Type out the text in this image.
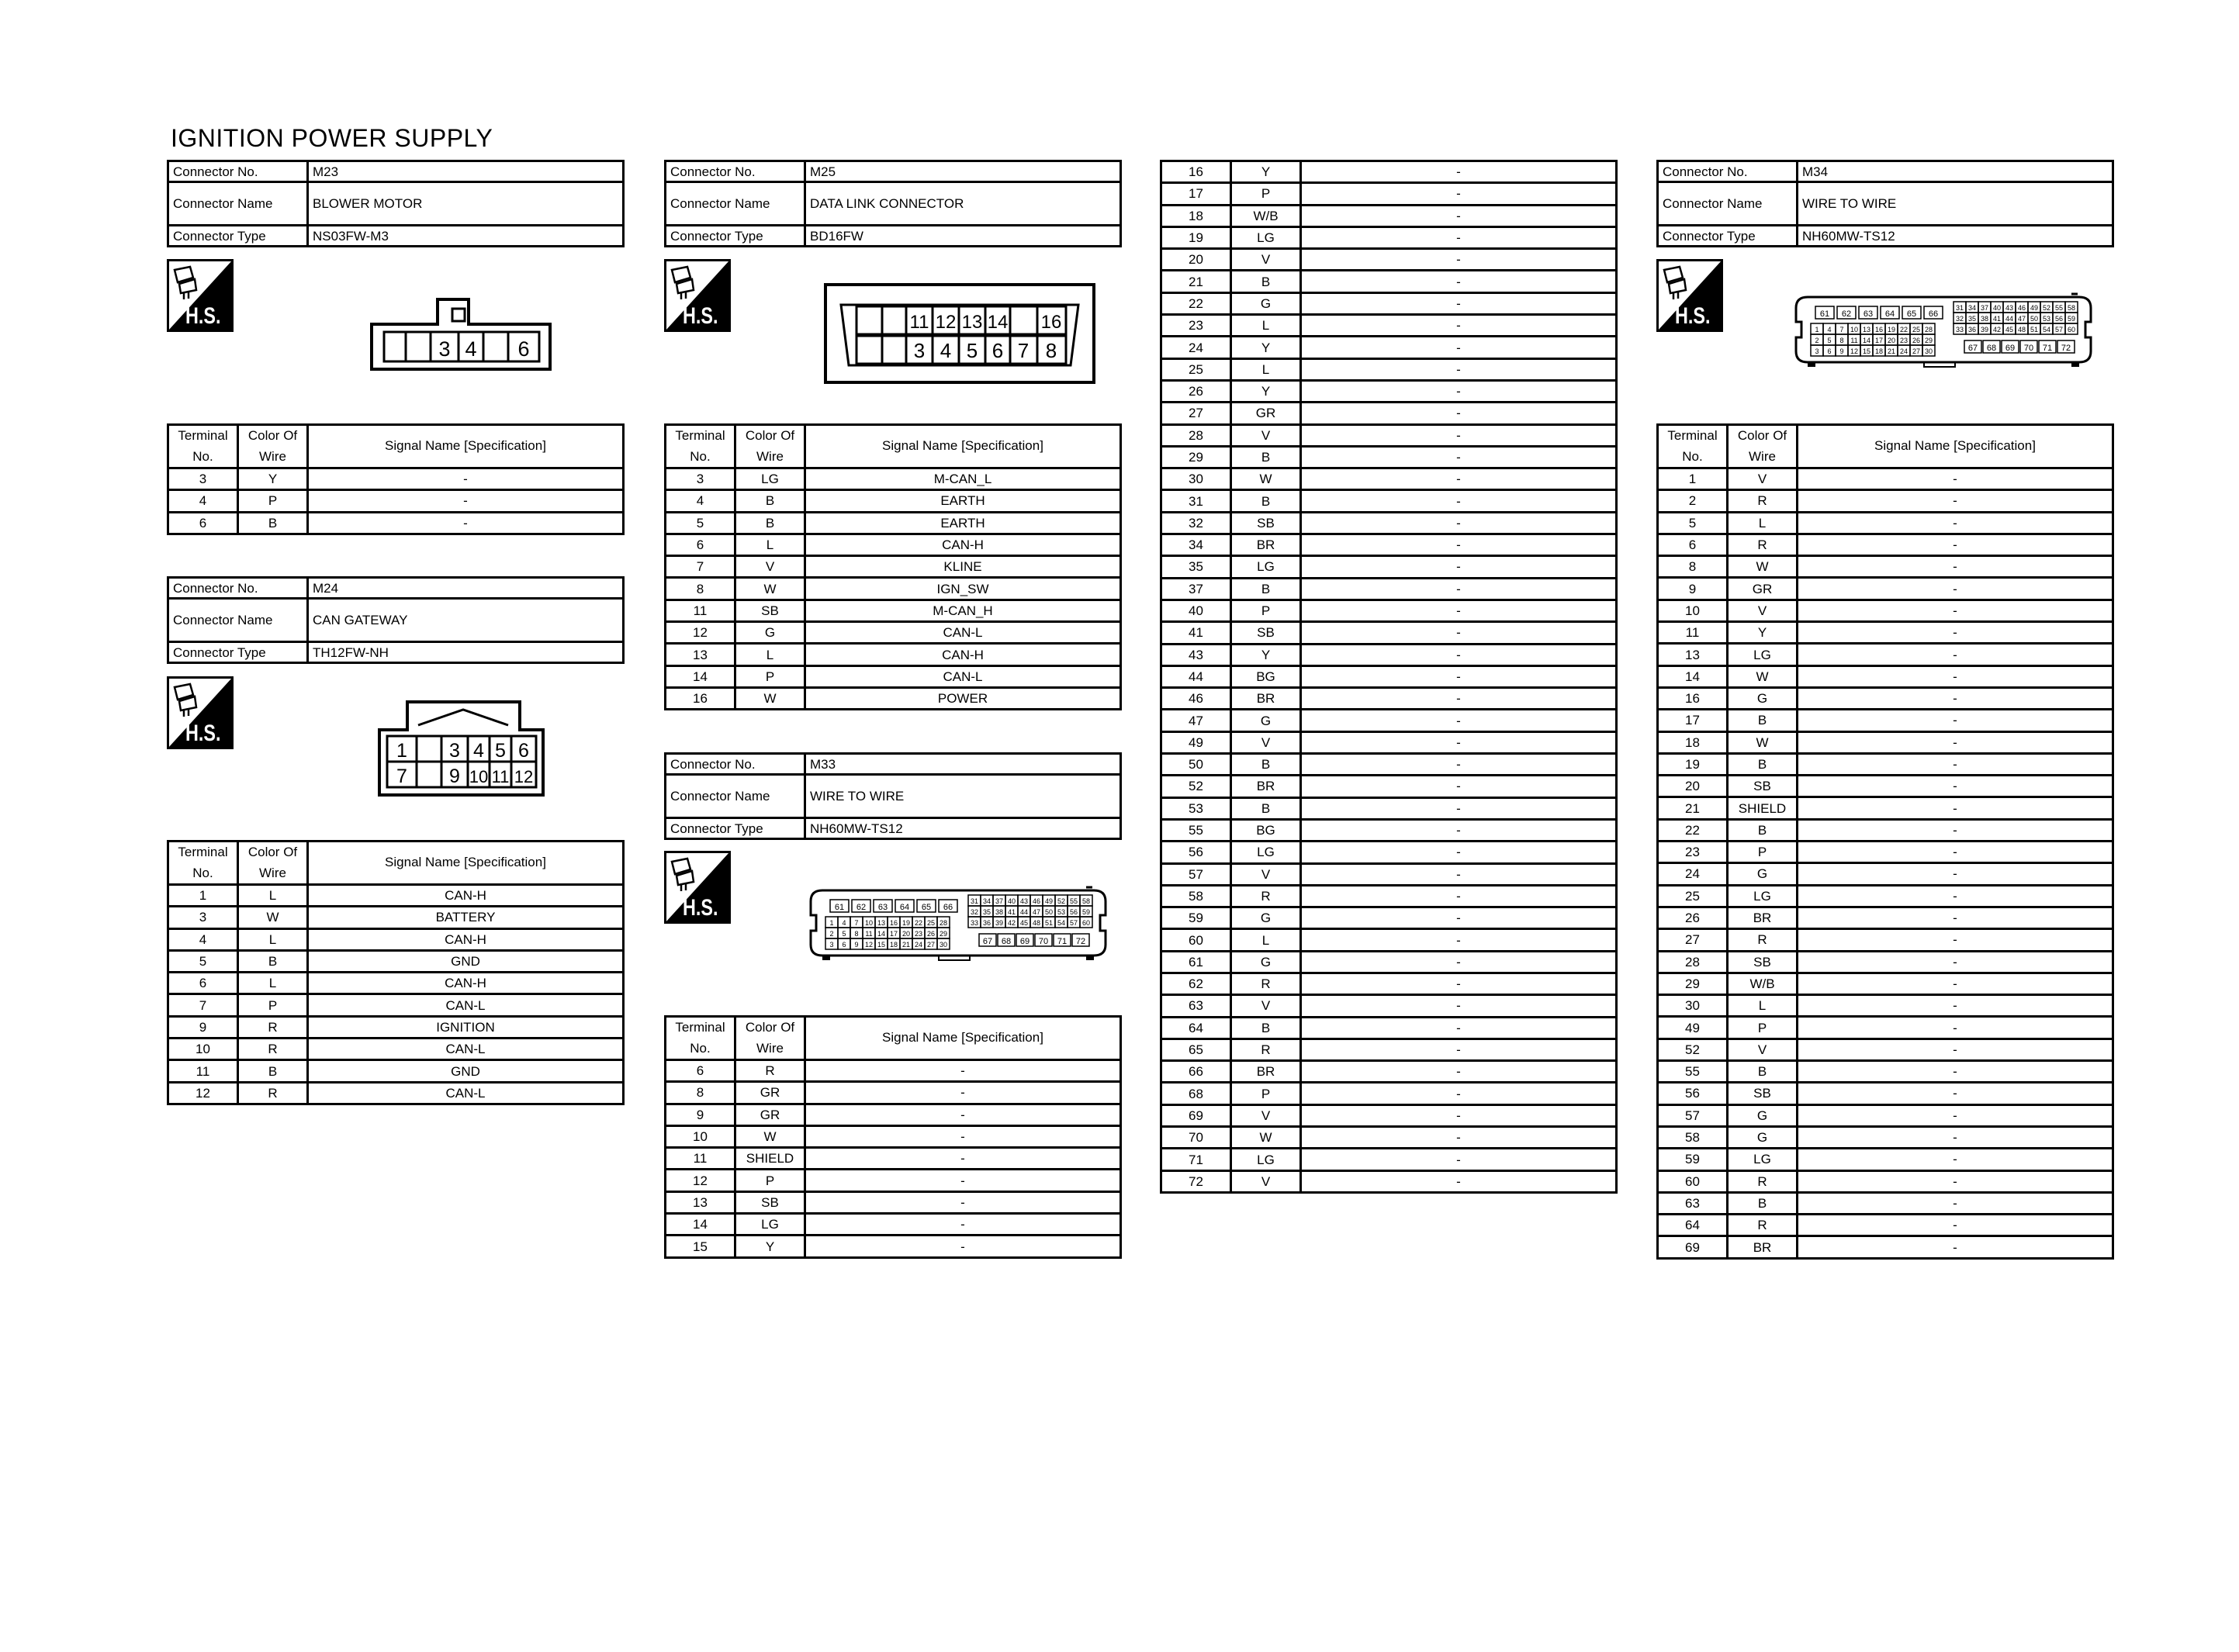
IGNITION POWER SUPPLY
Connector No.	M23
Connector Name	BLOWER MOTOR
Connector Type	NS03FW-M3
H.S.
3 4 6
Terminal
No.	Color Of
Wire	Signal Name [Specification]
3	Y	-
4	P	-
6	B	-
Connector No.	M24
Connector Name	CAN GATEWAY
Connector Type	TH12FW-NH
H.S.
1 3 4 5 6
7 9 10 11 12
Terminal
No.	Color Of
Wire	Signal Name [Specification]
1	L	CAN-H
3	W	BATTERY
4	L	CAN-H
5	B	GND
6	L	CAN-H
7	P	CAN-L
9	R	IGNITION
10	R	CAN-L
11	B	GND
12	R	CAN-L
Connector No.	M25
Connector Name	DATA LINK CONNECTOR
Connector Type	BD16FW
H.S.	11 12 13 14 16
3 4 5 6 7 8
Terminal
No.	Color Of
Wire	Signal Name [Specification]
3	LG	M-CAN_L
4	B	EARTH
5	B	EARTH
6	L	CAN-H
7	V	KLINE
8	W	IGN_SW
11	SB	M-CAN_H
12	G	CAN-L
13	L	CAN-H
14	P	CAN-L
16	W	POWER
Connector No.	M33
Connector Name	WIRE TO WIRE
Connector Type	NH60MW-TS12
H.S.	61 62 63 64 65 66
1 4 7 10 13 16 19 22 25 28
2 5 8 11 14 17 20 23 26 29
3 6 9 12 15 18 21 24 27 30
31 34 37 40 43 46 49 52 55 58
32 35 38 41 44 47 50 53 56 59
33 36 39 42 45 48 51 54 57 60
67 68 69 70 71 72
Terminal
No.	Color Of
Wire	Signal Name [Specification]
6	R	-
8	GR	-
9	GR	-
10	W	-
11	SHIELD	-
12	P	-
13	SB	-
14	LG	-
15	Y	-
16	Y	-
17	P	-
18	W/B	-
19	LG	-
20	V	-
21	B	-
22	G	-
23	L	-
24	Y	-
25	L	-
26	Y	-
27	GR	-
28	V	-
29	B	-
30	W	-
31	B	-
32	SB	-
34	BR	-
35	LG	-
37	B	-
40	P	-
41	SB	-
43	Y	-
44	BG	-
46	BR	-
47	G	-
49	V	-
50	B	-
52	BR	-
53	B	-
55	BG	-
56	LG	-
57	V	-
58	R	-
59	G	-
60	L	-
61	G	-
62	R	-
63	V	-
64	B	-
65	R	-
66	BR	-
68	P	-
69	V	-
70	W	-
71	LG	-
72	V	-
Connector No.	M34
Connector Name	WIRE TO WIRE
Connector Type	NH60MW-TS12
H.S.	61 62 63 64 65 66
1 4 7 10 13 16 19 22 25 28
2 5 8 11 14 17 20 23 26 29
3 6 9 12 15 18 21 24 27 30
31 34 37 40 43 46 49 52 55 58
32 35 38 41 44 47 50 53 56 59
33 36 39 42 45 48 51 54 57 60
67 68 69 70 71 72
Terminal
No.	Color Of
Wire	Signal Name [Specification]
1	V	-
2	R	-
5	L	-
6	R	-
8	W	-
9	GR	-
10	V	-
11	Y	-
13	LG	-
14	W	-
16	G	-
17	B	-
18	W	-
19	B	-
20	SB	-
21	SHIELD	-
22	B	-
23	P	-
24	G	-
25	LG	-
26	BR	-
27	R	-
28	SB	-
29	W/B	-
30	L	-
49	P	-
52	V	-
55	B	-
56	SB	-
57	G	-
58	G	-
59	LG	-
60	R	-
63	B	-
64	R	-
69	BR	-
